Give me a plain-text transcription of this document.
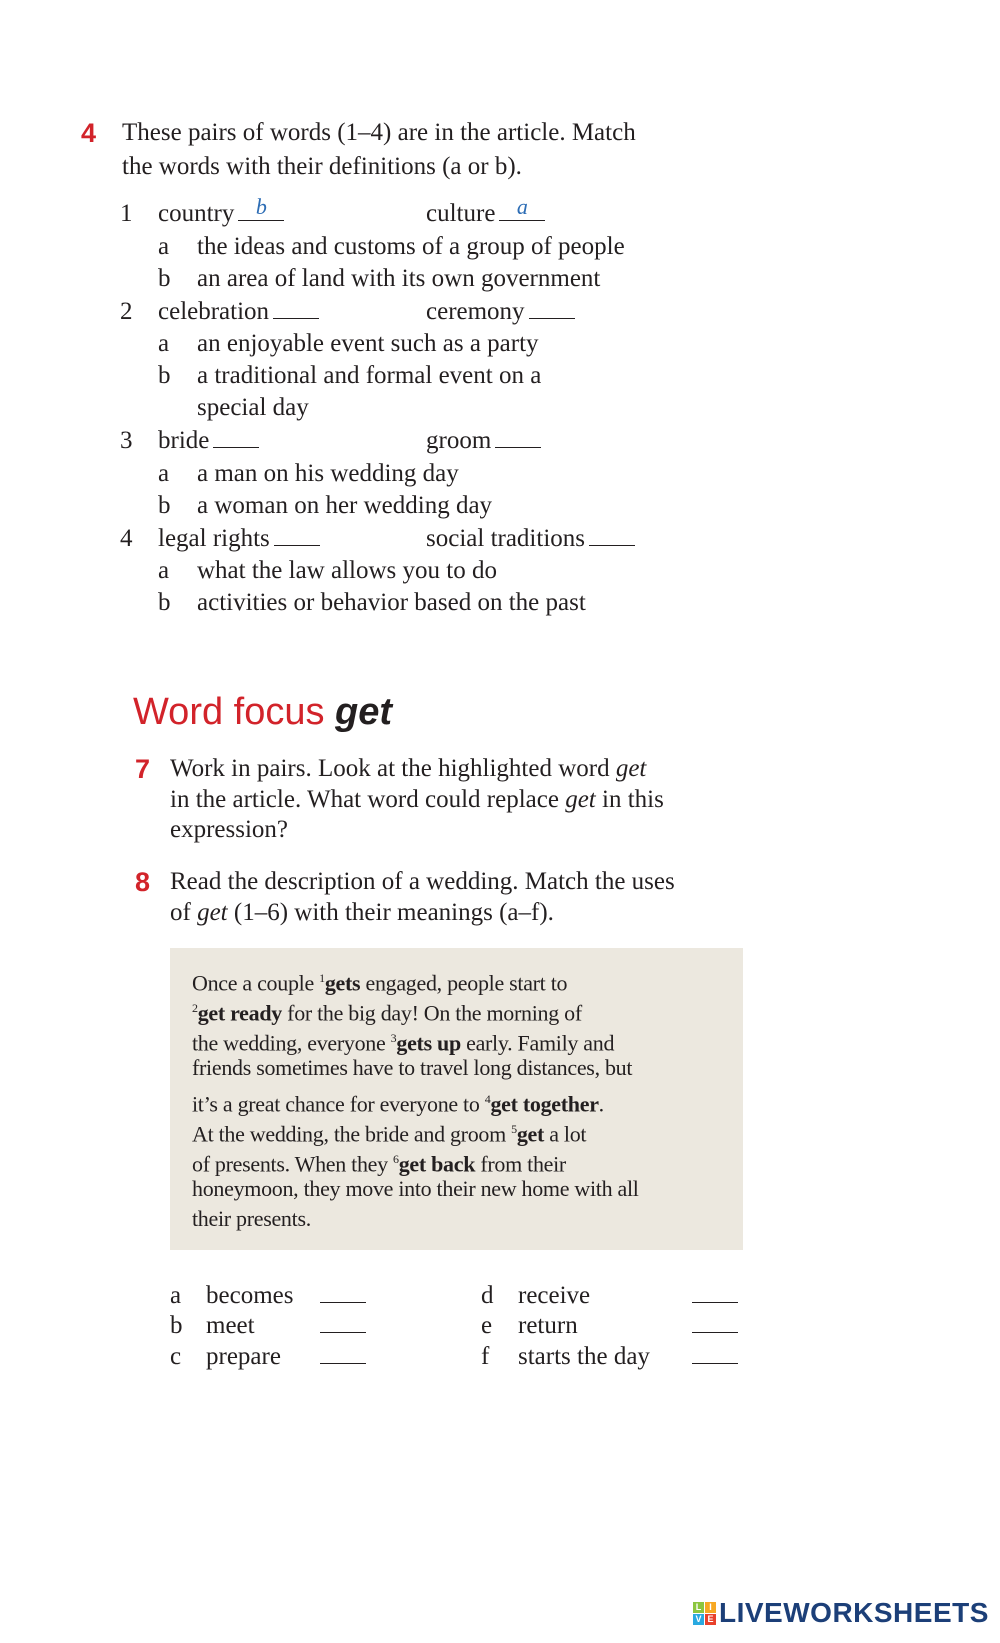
4 These pairs of words (1–4) are in the article. Match
the words with their definitions (a or b).
1 country b	culture a
a the ideas and customs of a group of people
b an area of land with its own government
2 celebration	ceremony
a an enjoyable event such as a party
b a traditional and formal event on a
special day
3 bride	groom
a a man on his wedding day
b a woman on her wedding day
4 legal rights	social traditions
a what the law allows you to do
b activities or behavior based on the past
Word focus get
7 Work in pairs. Look at the highlighted word get
in the article. What word could replace get in this
expression?
8 Read the description of a wedding. Match the uses
of get (1–6) with their meanings (a–f).
Once a couple $^1$gets engaged, people start to
$^2$get ready for the big day! On the morning of
the wedding, everyone $^3$gets up early. Family and
friends sometimes have to travel long distances, but
it’s a great chance for everyone to $^4$get together.
At the wedding, the bride and groom $^5$get a lot
of presents. When they $^6$get back from their
honeymoon, they move into their new home with all
their presents.
a becomes
b meet
c prepare
d receive
e return
f starts the day
L I
V E LIVEWORKSHEETS
